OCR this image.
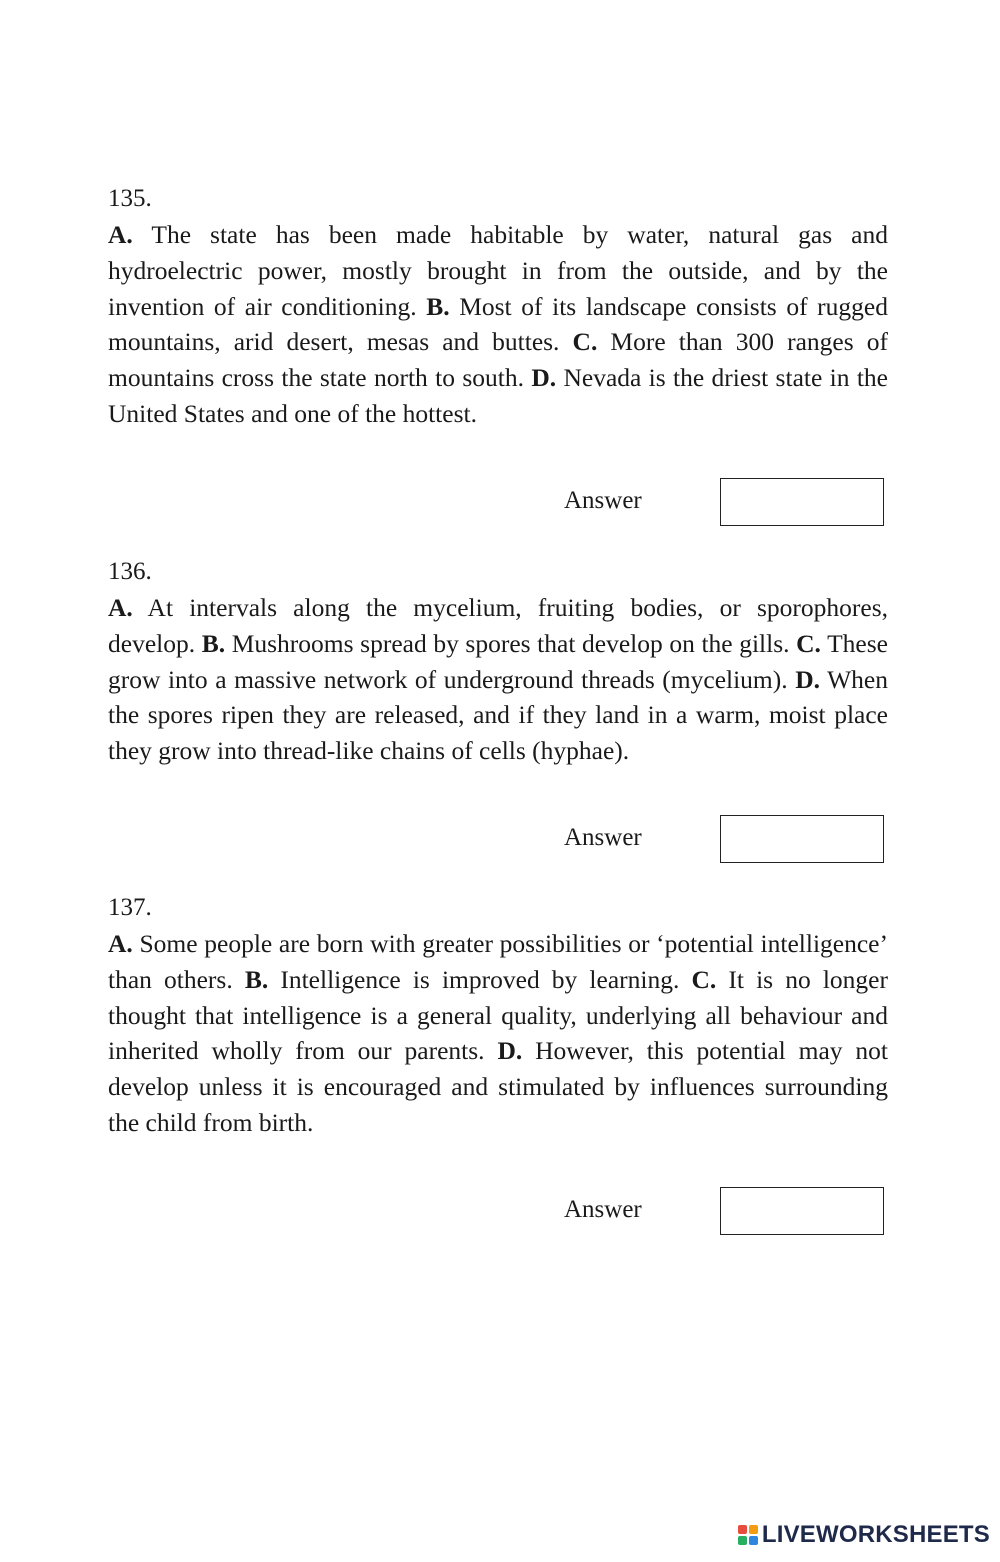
135.

A. The state has been made habitable by water, natural gas and hydroelectric power, mostly brought in from the outside, and by the invention of air conditioning. B. Most of its landscape consists of rugged mountains, arid desert, mesas and buttes. C. More than 300 ranges of mountains cross the state north to south. D. Nevada is the driest state in the United States and one of the hottest.

Answer

136.

A. At intervals along the mycelium, fruiting bodies, or sporophores, develop. B. Mushrooms spread by spores that develop on the gills. C. These grow into a massive network of underground threads (mycelium). D. When the spores ripen they are released, and if they land in a warm, moist place they grow into thread-like chains of cells (hyphae).

Answer

137.

A. Some people are born with greater possibilities or ‘potential intelligence’ than others. B. Intelligence is improved by learning. C. It is no longer thought that intelligence is a general quality, underlying all behaviour and inherited wholly from our parents. D. However, this potential may not develop unless it is encouraged and stimulated by influences surrounding the child from birth.

Answer
LIVEWORKSHEETS
